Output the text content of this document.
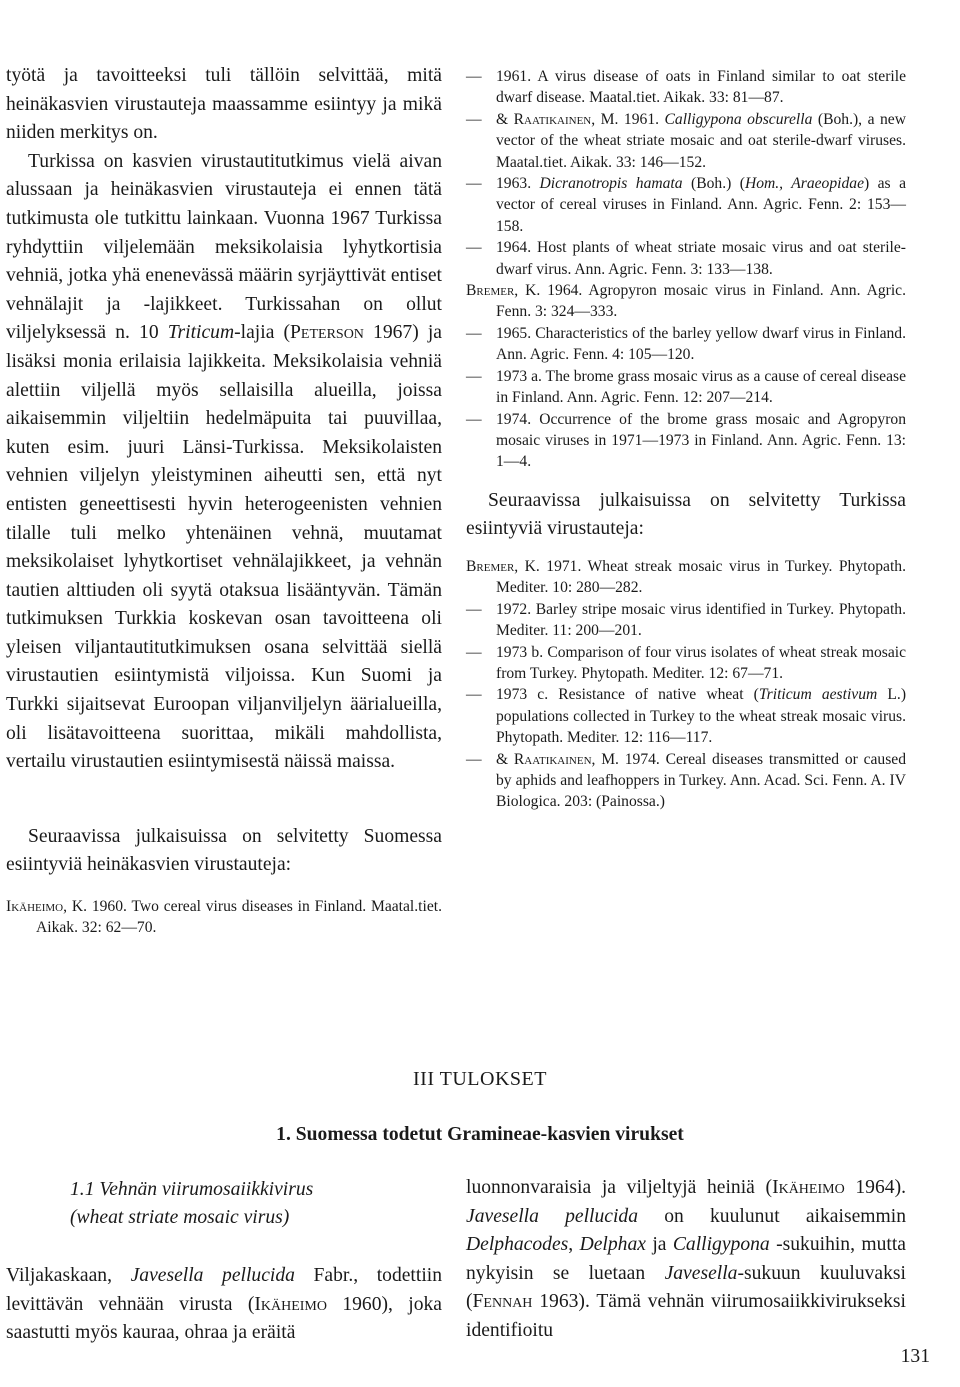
työtä ja tavoitteeksi tuli tällöin selvittää, mitä heinäkasvien virustauteja maassamme esiintyy ja mikä niiden merkitys on.

Turkissa on kasvien virustautitutkimus vielä aivan alussaan ja heinäkasvien virustauteja ei ennen tätä tutkimusta ole tutkittu lainkaan. Vuonna 1967 Turkissa ryhdyttiin viljelemään meksikolaisia lyhytkortisia vehniä, jotka yhä enenevässä määrin syrjäyttivät entiset vehnälajit ja -lajikkeet. Turkissahan on ollut viljelyksessä n. 10 Triticum-lajia (Peterson 1967) ja lisäksi monia erilaisia lajikkeita. Meksikolaisia vehniä alettiin viljellä myös sellaisilla alueilla, joissa aikaisemmin viljeltiin hedelmäpuita tai puuvillaa, kuten esim. juuri Länsi-Turkissa. Meksikolaisten vehnien viljelyn yleistyminen aiheutti sen, että nyt entisten geneettisesti hyvin heterogeenisten vehnien tilalle tuli melko yhtenäinen vehnä, muutamat meksikolaiset lyhytkortiset vehnälajikkeet, ja vehnän tautien alttiuden oli syytä otaksua lisääntyvän. Tämän tutkimuksen Turkkia koskevan osan tavoitteena oli yleisen viljantautitutkimuksen osana selvittää siellä virustautien esiintymistä viljoissa. Kun Suomi ja Turkki sijaitsevat Euroopan viljanviljelyn äärialueilla, oli lisätavoitteena suorittaa, mikäli mahdollista, vertailu virustautien esiintymisestä näissä maissa.

Seuraavissa julkaisuissa on selvitetty Suomessa esiintyviä heinäkasvien virustauteja:

Ikäheimo, K. 1960. Two cereal virus diseases in Finland. Maatal.tiet. Aikak. 32: 62—70.

— 1961. A virus disease of oats in Finland similar to oat sterile dwarf disease. Maatal.tiet. Aikak. 33: 81—87.

— & Raatikainen, M. 1961. Calligypona obscurella (Boh.), a new vector of the wheat striate mosaic and oat sterile-dwarf viruses. Maatal.tiet. Aikak. 33: 146—152.

— 1963. Dicranotropis hamata (Boh.) (Hom., Araeopidae) as a vector of cereal viruses in Finland. Ann. Agric. Fenn. 2: 153—158.

— 1964. Host plants of wheat striate mosaic virus and oat sterile-dwarf virus. Ann. Agric. Fenn. 3: 133—138.

Bremer, K. 1964. Agropyron mosaic virus in Finland. Ann. Agric. Fenn. 3: 324—333.

— 1965. Characteristics of the barley yellow dwarf virus in Finland. Ann. Agric. Fenn. 4: 105—120.

— 1973 a. The brome grass mosaic virus as a cause of cereal disease in Finland. Ann. Agric. Fenn. 12: 207—214.

— 1974. Occurrence of the brome grass mosaic and Agropyron mosaic viruses in 1971—1973 in Finland. Ann. Agric. Fenn. 13: 1—4.

Seuraavissa julkaisuissa on selvitetty Turkissa esiintyviä virustauteja:

Bremer, K. 1971. Wheat streak mosaic virus in Turkey. Phytopath. Mediter. 10: 280—282.

— 1972. Barley stripe mosaic virus identified in Turkey. Phytopath. Mediter. 11: 200—201.

— 1973 b. Comparison of four virus isolates of wheat streak mosaic from Turkey. Phytopath. Mediter. 12: 67—71.

— 1973 c. Resistance of native wheat (Triticum aestivum L.) populations collected in Turkey to the wheat streak mosaic virus. Phytopath. Mediter. 12: 116—117.

— & Raatikainen, M. 1974. Cereal diseases transmitted or caused by aphids and leafhoppers in Turkey. Ann. Acad. Sci. Fenn. A. IV Biologica. 203: (Painossa.)

III TULOKSET
1. Suomessa todetut Gramineae-kasvien virukset
1.1 Vehnän viirumosaiikkivirus
(wheat striate mosaic virus)

Viljakaskaan, Javesella pellucida Fabr., todettiin levittävän vehnään virusta (Ikäheimo 1960), joka saastutti myös kauraa, ohraa ja eräitä

luonnonvaraisia ja viljeltyjä heiniä (Ikäheimo 1964). Javesella pellucida on kuulunut aikaisemmin Delphacodes, Delphax ja Calligypona -sukuihin, mutta nykyisin se luetaan Javesella-sukuun kuuluvaksi (Fennah 1963). Tämä vehnän viirumosaiikkivirukseksi identifioitu

131
